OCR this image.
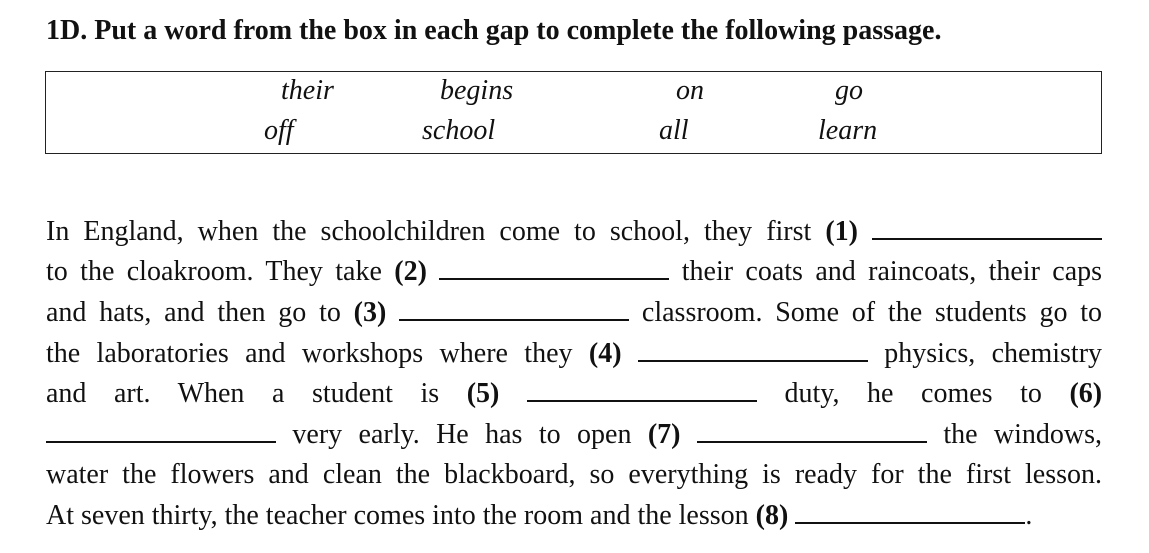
1D. Put a word from the box in each gap to complete the following passage.
their	begins	on	go
off	school	all	learn
In England, when the schoolchildren come to school, they first (1)
to the cloakroom. They take (2)	their coats and raincoats, their caps
and hats, and then go to (3)	classroom. Some of the students go to
the laboratories and workshops where they (4)	physics, chemistry
and art. When a student is (5)	duty, he comes to (6)
very early. He has to open (7)	the windows,
water the flowers and clean the blackboard, so everything is ready for the first lesson.
At seven thirty, the teacher comes into the room and the lesson (8)	.
